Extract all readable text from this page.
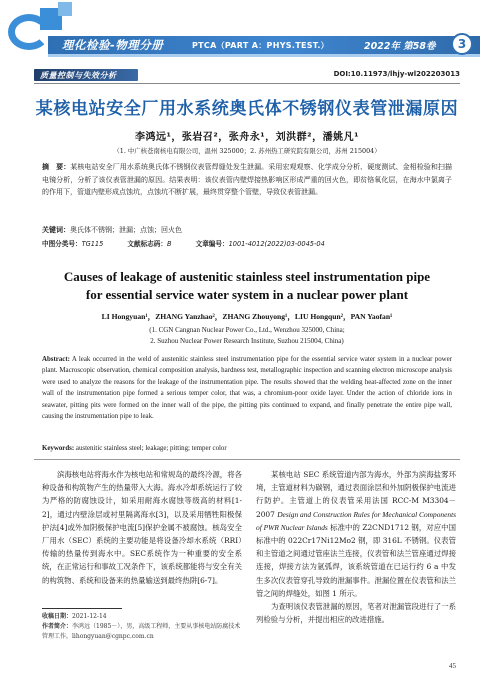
理化检验-物理分册	PTCA（PART A：PHYS.TEST.）	2022年 第58卷	3
质量控制与失效分析	DOI:10.11973/lhjy-wl202203013
某核电站安全厂用水系统奥氏体不锈钢仪表管泄漏原因
李鸿远¹，张岩召²，张舟永¹，刘洪群²，潘姚凡¹
（1. 中广核苍南核电有限公司，温州 325000；2. 苏州热工研究院有限公司，苏州 215004）
摘　要：某核电站安全厂用水系统奥氏体不锈钢仪表管焊缝处发生泄漏。采用宏观观察、化学成分分析、硬度测试、金相检验和扫描电镜分析，分析了该仪表管泄漏的原因。结果表明：该仪表管内壁焊接热影响区形成严重的回火色，即贫铬氧化层，在海水中氯离子的作用下，管道内壁形成点蚀坑，点蚀坑不断扩展，最终贯穿整个管壁，导致仪表管泄漏。
关键词：奥氏体不锈钢；泄漏；点蚀；回火色
中图分类号：TG115	文献标志码：B	文章编号：1001-4012(2022)03-0045-04
Causes of leakage of austenitic stainless steel instrumentation pipe
for essential service water system in a nuclear power plant
LI Hongyuan¹，ZHANG Yanzhao²，ZHANG Zhouyong¹，LIU Hongqun²，PAN Yaofan¹
(1. CGN Cangnan Nuclear Power Co., Ltd., Wenzhou 325000, China;
2. Suzhou Nuclear Power Research Institute, Suzhou 215004, China)
Abstract: A leak occurred in the weld of austenitic stainless steel instrumentation pipe for the essential service water system in a nuclear power plant. Macroscopic observation, chemical composition analysis, hardness test, metallographic inspection and scanning electron microscope analysis were used to analyze the reasons for the leakage of the instrumentation pipe. The results showed that the welding heat-affected zone on the inner wall of the instrumentation pipe formed a serious temper color, that was, a chromium-poor oxide layer. Under the action of chloride ions in seawater, pitting pits were formed on the inner wall of the pipe, the pitting pits continued to expand, and finally penetrate the entire pipe wall, causing the instrumentation pipe to leak.
Keywords: austenitic stainless steel; leakage; pitting; temper color

滨海核电站将海水作为核电站和常规岛的最终冷源，将各种设备和构筑物产生的热量带入大海。海水冷却系统运行了较为严格的防腐蚀设计，如采用耐海水腐蚀等级高的材料[1-2]，通过内壁涂层或衬里隔离海水[3]，以及采用牺牲阳极保护法[4]或外加阴极保护电流[5]保护金属不被腐蚀。核岛安全厂用水（SEC）系统的主要功能是将设备冷却水系统（RRI）传输的热量传到海水中。SEC系统作为一种重要的安全系统，在正常运行和事故工况条件下，该系统都能将与安全有关的构筑物、系统和设备来的热量输送到最终热阱[6-7]。

某核电站 SEC 系统管道内部为海水，外部为滨海盐雾环境，主管道材料为碳钢，通过表面涂层和外加阴极保护电流进行防护。主管道上的仪表管采用法国 RCC-M M3304－2007 Design and Construction Rules for Mechanical Components of PWR Nuclear Islands 标准中的 Z2CND1712 钢，对应中国标准中的 022Cr17Ni12Mo2 钢，即 316L 不锈钢。仪表管和主管道之间通过管座法兰连接，仪表管和法兰管座通过焊接连接，焊接方法为氩弧焊，该系统管道在已运行约 6 a 中发生多次仪表管穿孔导致的泄漏事件。泄漏位置在仪表管和法兰管之间的焊缝处，如图 1 所示。

为查明该仪表管泄漏的原因，笔者对泄漏管段进行了一系列检验与分析，并提出相应的改进措施。

收稿日期：2021-12-14
作者简介：李鸿远（1985－），男，高级工程师，主要从事核电站防腐技术管理工作，lihongyuan@cgnpc.com.cn
45
